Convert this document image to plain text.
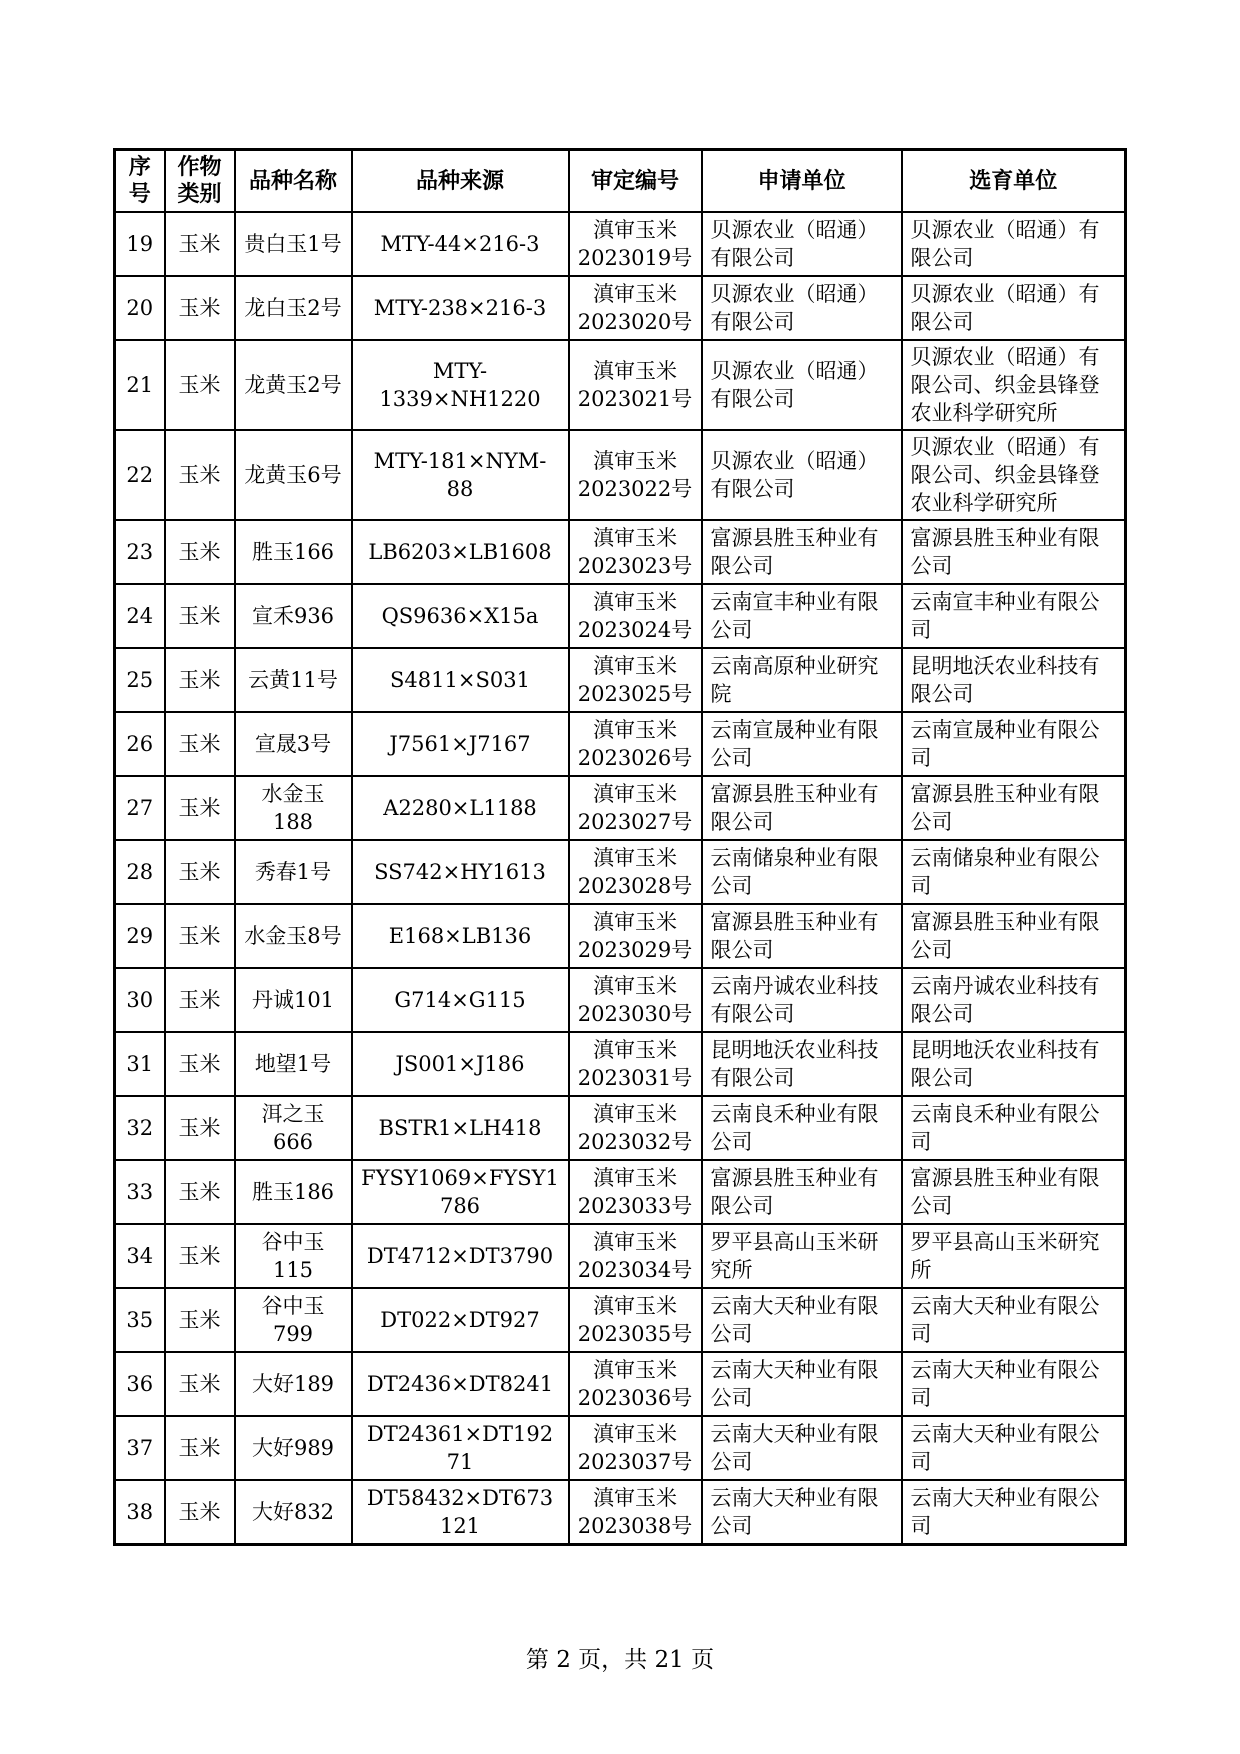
序号	作物类别	品种名称	品种来源	审定编号	申请单位	选育单位
19	玉米	贵白玉1号	MTY-44×216-3	滇审玉米2023019号	贝源农业（昭通）有限公司	贝源农业（昭通）有限公司
20	玉米	龙白玉2号	MTY-238×216-3	滇审玉米2023020号	贝源农业（昭通）有限公司	贝源农业（昭通）有限公司
21	玉米	龙黄玉2号	MTY-1339×NH1220	滇审玉米2023021号	贝源农业（昭通）有限公司	贝源农业（昭通）有限公司、织金县锋登农业科学研究所
22	玉米	龙黄玉6号	MTY-181×NYM-88	滇审玉米2023022号	贝源农业（昭通）有限公司	贝源农业（昭通）有限公司、织金县锋登农业科学研究所
23	玉米	胜玉166	LB6203×LB1608	滇审玉米2023023号	富源县胜玉种业有限公司	富源县胜玉种业有限公司
24	玉米	宣禾936	QS9636×X15a	滇审玉米2023024号	云南宣丰种业有限公司	云南宣丰种业有限公司
25	玉米	云黄11号	S4811×S031	滇审玉米2023025号	云南高原种业研究院	昆明地沃农业科技有限公司
26	玉米	宣晟3号	J7561×J7167	滇审玉米2023026号	云南宣晟种业有限公司	云南宣晟种业有限公司
27	玉米	水金玉188	A2280×L1188	滇审玉米2023027号	富源县胜玉种业有限公司	富源县胜玉种业有限公司
28	玉米	秀春1号	SS742×HY1613	滇审玉米2023028号	云南储泉种业有限公司	云南储泉种业有限公司
29	玉米	水金玉8号	E168×LB136	滇审玉米2023029号	富源县胜玉种业有限公司	富源县胜玉种业有限公司
30	玉米	丹诚101	G714×G115	滇审玉米2023030号	云南丹诚农业科技有限公司	云南丹诚农业科技有限公司
31	玉米	地望1号	JS001×J186	滇审玉米2023031号	昆明地沃农业科技有限公司	昆明地沃农业科技有限公司
32	玉米	洱之玉666	BSTR1×LH418	滇审玉米2023032号	云南良禾种业有限公司	云南良禾种业有限公司
33	玉米	胜玉186	FYSY1069×FYSY1786	滇审玉米2023033号	富源县胜玉种业有限公司	富源县胜玉种业有限公司
34	玉米	谷中玉115	DT4712×DT3790	滇审玉米2023034号	罗平县高山玉米研究所	罗平县高山玉米研究所
35	玉米	谷中玉799	DT022×DT927	滇审玉米2023035号	云南大天种业有限公司	云南大天种业有限公司
36	玉米	大好189	DT2436×DT8241	滇审玉米2023036号	云南大天种业有限公司	云南大天种业有限公司
37	玉米	大好989	DT24361×DT19271	滇审玉米2023037号	云南大天种业有限公司	云南大天种业有限公司
38	玉米	大好832	DT58432×DT673121	滇审玉米2023038号	云南大天种业有限公司	云南大天种业有限公司
第 2 页，共 21 页
